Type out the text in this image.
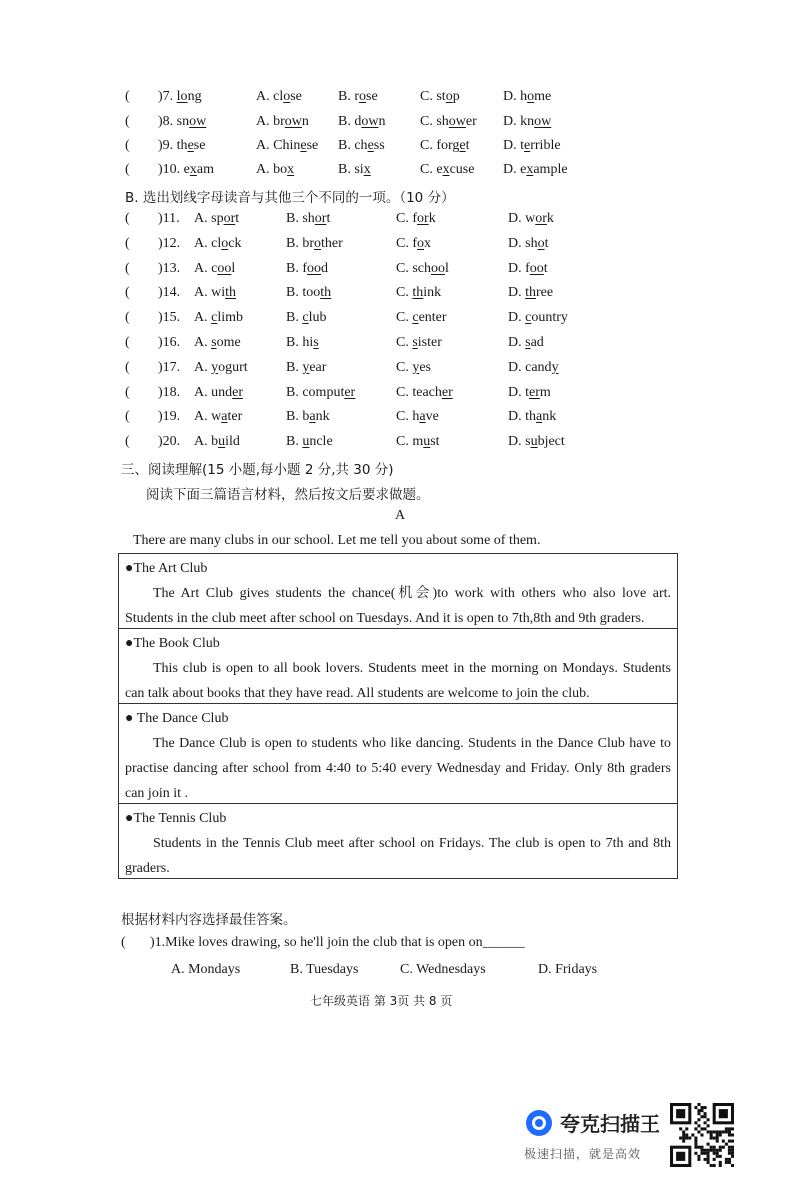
( )7. long	A. close	B. rose	C. stop	D. home
( )8. snow	A. brown B. down C. shower D. know
( )9. these	A. Chinese B. chess	C. forget D. terrible
( )10. exam	A. box	B. six	C. excuse D. example
B. 选出划线字母读音与其他三个不同的一项。（10 分）
( )11. A. sport	B. short	C. fork	D. work
( )12. A. clock	B. brother	C. fox	D. shot
( )13. A. cool	B. food	C. school	D. foot
( )14. A. with	B. tooth	C. think	D. three
( )15. A. climb	B. club	C. center	D. country
( )16. A. some	B. his	C. sister	D. sad
( )17. A. yogurt	B. year	C. yes	D. candy
( )18. A. under	B. computer	C. teacher	D. term
( )19. A. water	B. bank	C. have	D. thank
( )20. A. build	B. uncle	C. must	D. subject
三、阅读理解(15 小题,每小题 2 分,共 30 分)
阅读下面三篇语言材料，然后按文后要求做题。
A
There are many clubs in our school. Let me tell you about some of them.
●The Art Club
The Art Club gives students the chance(机会)to work with others who also love art. Students in the club meet after school on Tuesdays. And it is open to 7th,8th and 9th graders.
●The Book Club
This club is open to all book lovers. Students meet in the morning on Mondays. Students can talk about books that they have read. All students are welcome to join the club.
● The Dance Club
The Dance Club is open to students who like dancing. Students in the Dance Club have to practise dancing after school from 4:40 to 5:40 every Wednesday and Friday. Only 8th graders can join it .
●The Tennis Club
Students in the Tennis Club meet after school on Fridays. The club is open to 7th and 8th graders.
根据材料内容选择最佳答案。
( )1.Mike loves drawing, so he'll join the club that is open on______
A. Mondays	B. Tuesdays	C. Wednesdays	D. Fridays
七年级英语 第 3页 共 8 页
夸克扫描王
极速扫描，就是高效
